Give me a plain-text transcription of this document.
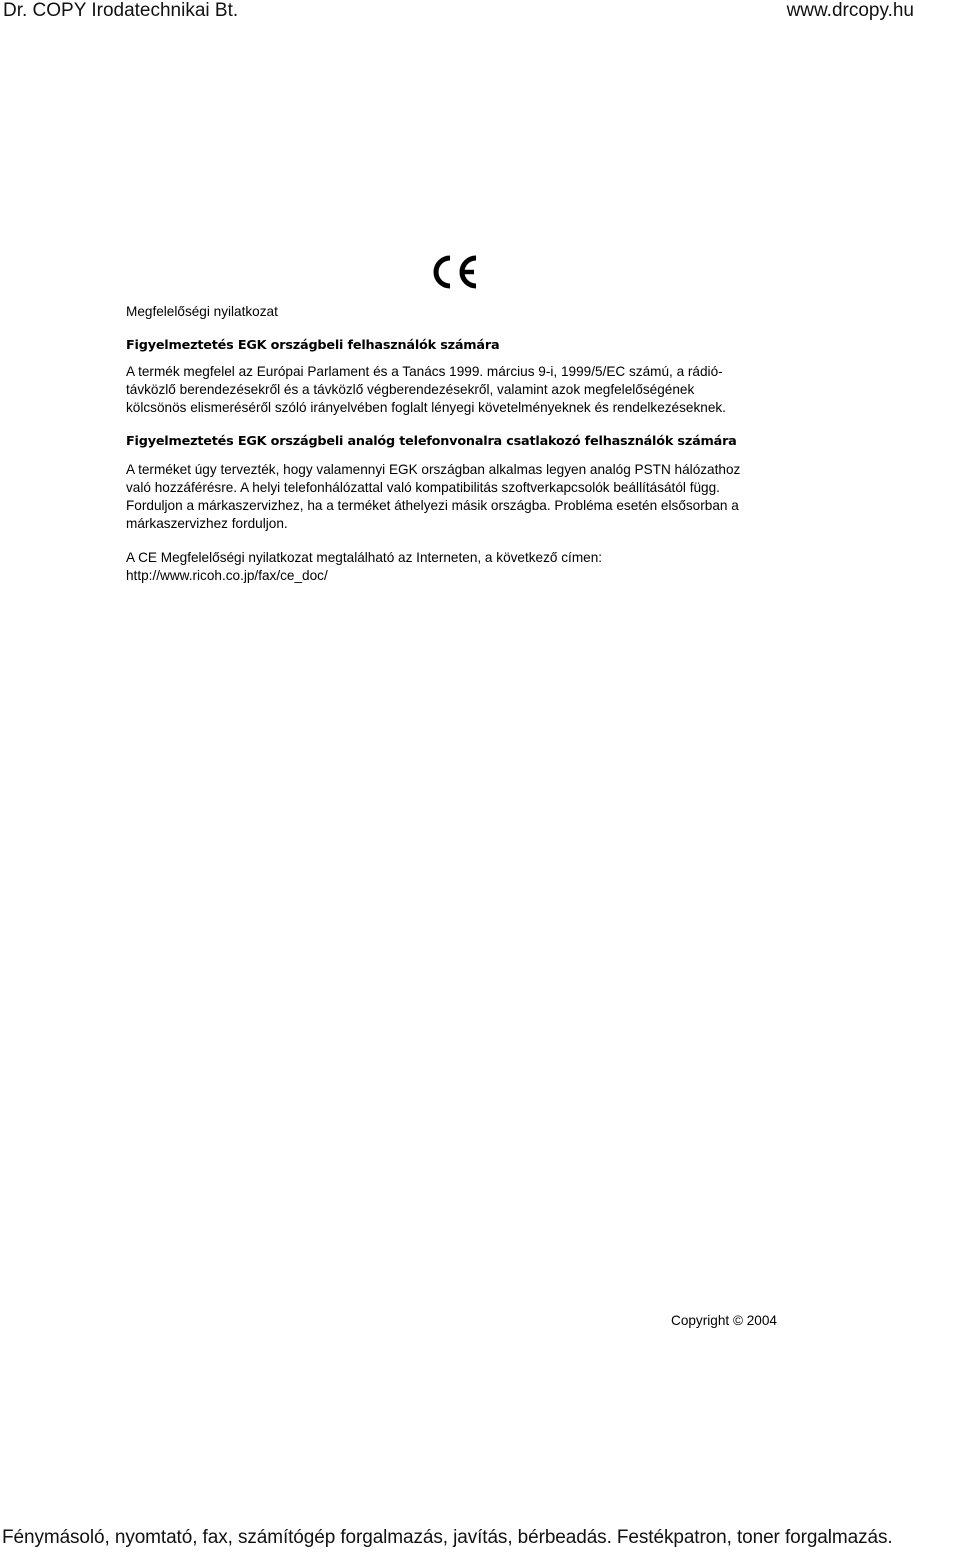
Dr. COPY Irodatechnikai Bt.	www.drcopy.hu
Megfelelőségi nyilatkozat
Figyelmeztetés EGK országbeli felhasználók számára
A termék megfelel az Európai Parlament és a Tanács 1999. március 9-i, 1999/5/EC számú, a rádió-
távközlő berendezésekről és a távközlő végberendezésekről, valamint azok megfelelőségének
kölcsönös elismeréséről szóló irányelvében foglalt lényegi követelményeknek és rendelkezéseknek.
Figyelmeztetés EGK országbeli analóg telefonvonalra csatlakozó felhasználók számára
A terméket úgy tervezték, hogy valamennyi EGK országban alkalmas legyen analóg PSTN hálózathoz
való hozzáférésre. A helyi telefonhálózattal való kompatibilitás szoftverkapcsolók beállításától függ.
Forduljon a márkaszervizhez, ha a terméket áthelyezi másik országba. Probléma esetén elsősorban a
márkaszervizhez forduljon.
A CE Megfelelőségi nyilatkozat megtalálható az Interneten, a következő címen:
http://www.ricoh.co.jp/fax/ce_doc/
Copyright © 2004
Fénymásoló, nyomtató, fax, számítógép forgalmazás, javítás, bérbeadás. Festékpatron, toner forgalmazás.
